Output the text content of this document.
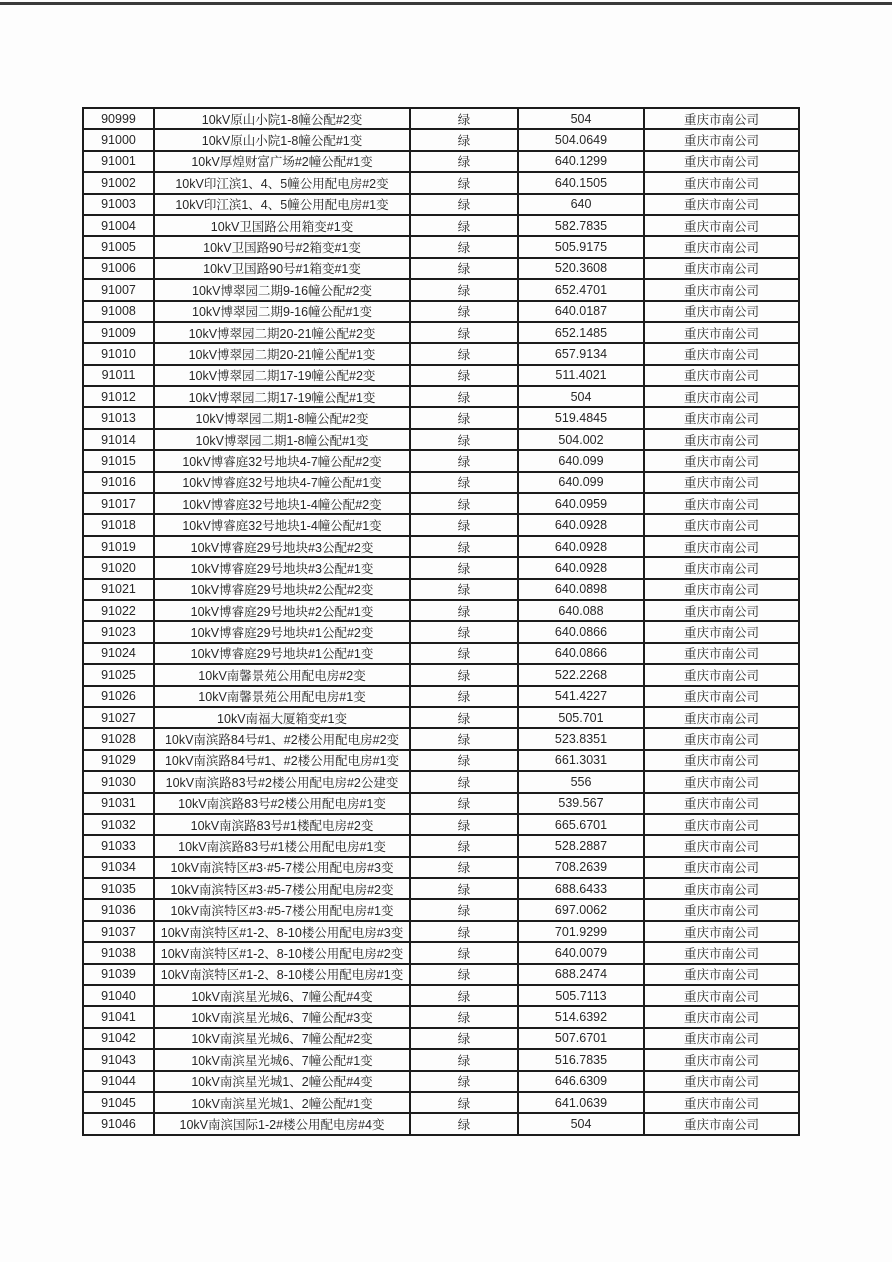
90999	10kV原山小院1-8幢公配#2变	绿	504	重庆市南公司
91000	10kV原山小院1-8幢公配#1变	绿	504.0649	重庆市南公司
91001	10kV厚煌财富广场#2幢公配#1变	绿	640.1299	重庆市南公司
91002	10kV印江滨1、4、5幢公用配电房#2变	绿	640.1505	重庆市南公司
91003	10kV印江滨1、4、5幢公用配电房#1变	绿	640	重庆市南公司
91004	10kV卫国路公用箱变#1变	绿	582.7835	重庆市南公司
91005	10kV卫国路90号#2箱变#1变	绿	505.9175	重庆市南公司
91006	10kV卫国路90号#1箱变#1变	绿	520.3608	重庆市南公司
91007	10kV博翠园二期9-16幢公配#2变	绿	652.4701	重庆市南公司
91008	10kV博翠园二期9-16幢公配#1变	绿	640.0187	重庆市南公司
91009	10kV博翠园二期20-21幢公配#2变	绿	652.1485	重庆市南公司
91010	10kV博翠园二期20-21幢公配#1变	绿	657.9134	重庆市南公司
91011	10kV博翠园二期17-19幢公配#2变	绿	511.4021	重庆市南公司
91012	10kV博翠园二期17-19幢公配#1变	绿	504	重庆市南公司
91013	10kV博翠园二期1-8幢公配#2变	绿	519.4845	重庆市南公司
91014	10kV博翠园二期1-8幢公配#1变	绿	504.002	重庆市南公司
91015	10kV博睿庭32号地块4-7幢公配#2变	绿	640.099	重庆市南公司
91016	10kV博睿庭32号地块4-7幢公配#1变	绿	640.099	重庆市南公司
91017	10kV博睿庭32号地块1-4幢公配#2变	绿	640.0959	重庆市南公司
91018	10kV博睿庭32号地块1-4幢公配#1变	绿	640.0928	重庆市南公司
91019	10kV博睿庭29号地块#3公配#2变	绿	640.0928	重庆市南公司
91020	10kV博睿庭29号地块#3公配#1变	绿	640.0928	重庆市南公司
91021	10kV博睿庭29号地块#2公配#2变	绿	640.0898	重庆市南公司
91022	10kV博睿庭29号地块#2公配#1变	绿	640.088	重庆市南公司
91023	10kV博睿庭29号地块#1公配#2变	绿	640.0866	重庆市南公司
91024	10kV博睿庭29号地块#1公配#1变	绿	640.0866	重庆市南公司
91025	10kV南馨景苑公用配电房#2变	绿	522.2268	重庆市南公司
91026	10kV南馨景苑公用配电房#1变	绿	541.4227	重庆市南公司
91027	10kV南福大厦箱变#1变	绿	505.701	重庆市南公司
91028	10kV南滨路84号#1、#2楼公用配电房#2变	绿	523.8351	重庆市南公司
91029	10kV南滨路84号#1、#2楼公用配电房#1变	绿	661.3031	重庆市南公司
91030	10kV南滨路83号#2楼公用配电房#2公建变	绿	556	重庆市南公司
91031	10kV南滨路83号#2楼公用配电房#1变	绿	539.567	重庆市南公司
91032	10kV南滨路83号#1楼配电房#2变	绿	665.6701	重庆市南公司
91033	10kV南滨路83号#1楼公用配电房#1变	绿	528.2887	重庆市南公司
91034	10kV南滨特区#3·#5-7楼公用配电房#3变	绿	708.2639	重庆市南公司
91035	10kV南滨特区#3·#5-7楼公用配电房#2变	绿	688.6433	重庆市南公司
91036	10kV南滨特区#3·#5-7楼公用配电房#1变	绿	697.0062	重庆市南公司
91037	10kV南滨特区#1-2、8-10楼公用配电房#3变	绿	701.9299	重庆市南公司
91038	10kV南滨特区#1-2、8-10楼公用配电房#2变	绿	640.0079	重庆市南公司
91039	10kV南滨特区#1-2、8-10楼公用配电房#1变	绿	688.2474	重庆市南公司
91040	10kV南滨星光城6、7幢公配#4变	绿	505.7113	重庆市南公司
91041	10kV南滨星光城6、7幢公配#3变	绿	514.6392	重庆市南公司
91042	10kV南滨星光城6、7幢公配#2变	绿	507.6701	重庆市南公司
91043	10kV南滨星光城6、7幢公配#1变	绿	516.7835	重庆市南公司
91044	10kV南滨星光城1、2幢公配#4变	绿	646.6309	重庆市南公司
91045	10kV南滨星光城1、2幢公配#1变	绿	641.0639	重庆市南公司
91046	10kV南滨国际1-2#楼公用配电房#4变	绿	504	重庆市南公司
